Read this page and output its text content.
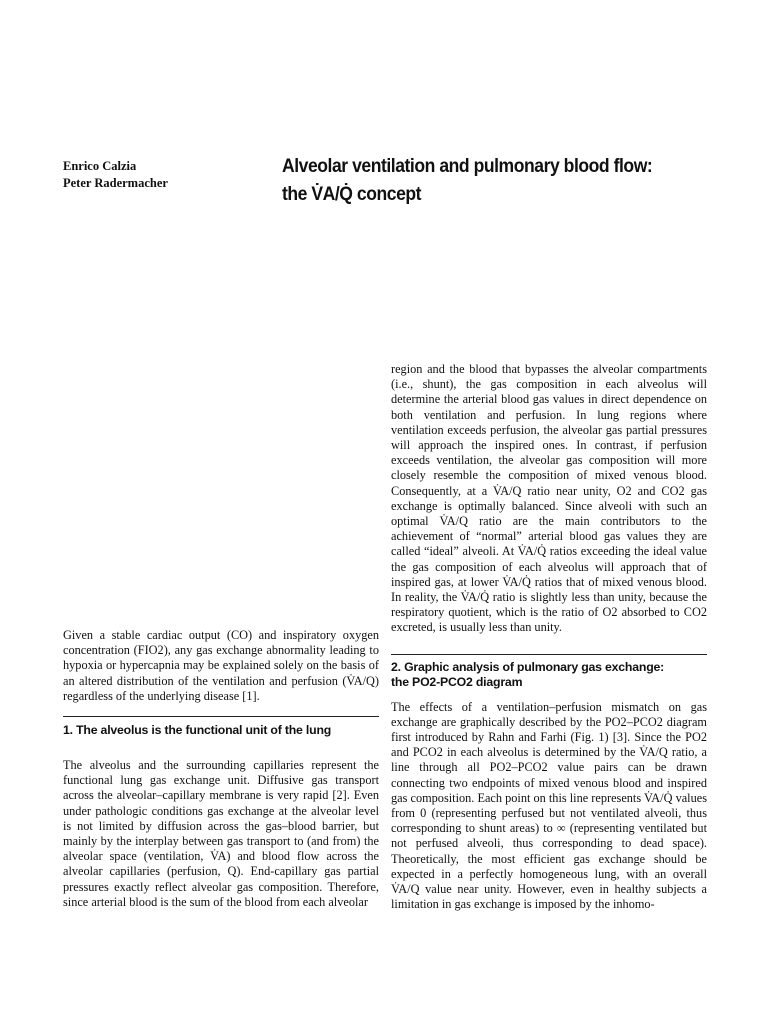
Enrico Calzia
Peter Radermacher
Alveolar ventilation and pulmonary blood flow:
the V̇A/Q̇ concept

Given a stable cardiac output (CO) and inspiratory oxygen concentration (FIO2), any gas exchange abnormality leading to hypoxia or hypercapnia may be explained solely on the basis of an altered distribution of the ventilation and perfusion (V̇A/Q) regardless of the underlying disease [1].

1. The alveolus is the functional unit of the lung

The alveolus and the surrounding capillaries represent the functional lung gas exchange unit. Diffusive gas transport across the alveolar–capillary membrane is very rapid [2]. Even under pathologic conditions gas exchange at the alveolar level is not limited by diffusion across the gas–blood barrier, but mainly by the interplay between gas transport to (and from) the alveolar space (ventilation, V̇A) and blood flow across the alveolar capillaries (perfusion, Q). End-capillary gas partial pressures exactly reflect alveolar gas composition. Therefore, since arterial blood is the sum of the blood from each alveolar

region and the blood that bypasses the alveolar compartments (i.e., shunt), the gas composition in each alveolus will determine the arterial blood gas values in direct dependence on both ventilation and perfusion. In lung regions where ventilation exceeds perfusion, the alveolar gas partial pressures will approach the inspired ones. In contrast, if perfusion exceeds ventilation, the alveolar gas composition will more closely resemble the composition of mixed venous blood. Consequently, at a V̇A/Q ratio near unity, O2 and CO2 gas exchange is optimally balanced. Since alveoli with such an optimal V̇A/Q ratio are the main contributors to the achievement of “normal” arterial blood gas values they are called “ideal” alveoli. At V̇A/Q̇ ratios exceeding the ideal value the gas composition of each alveolus will approach that of inspired gas, at lower V̇A/Q̇ ratios that of mixed venous blood. In reality, the V̇A/Q̇ ratio is slightly less than unity, because the respiratory quotient, which is the ratio of O2 absorbed to CO2 excreted, is usually less than unity.

2. Graphic analysis of pulmonary gas exchange:
the PO2-PCO2 diagram

The effects of a ventilation–perfusion mismatch on gas exchange are graphically described by the PO2–PCO2 diagram first introduced by Rahn and Farhi (Fig. 1) [3]. Since the PO2 and PCO2 in each alveolus is determined by the V̇A/Q ratio, a line through all PO2–PCO2 value pairs can be drawn connecting two endpoints of mixed venous blood and inspired gas composition. Each point on this line represents V̇A/Q̇ values from 0 (representing perfused but not ventilated alveoli, thus corresponding to shunt areas) to ∞ (representing ventilated but not perfused alveoli, thus corresponding to dead space). Theoretically, the most efficient gas exchange should be expected in a perfectly homogeneous lung, with an overall V̇A/Q value near unity. However, even in healthy subjects a limitation in gas exchange is imposed by the inhomo-
